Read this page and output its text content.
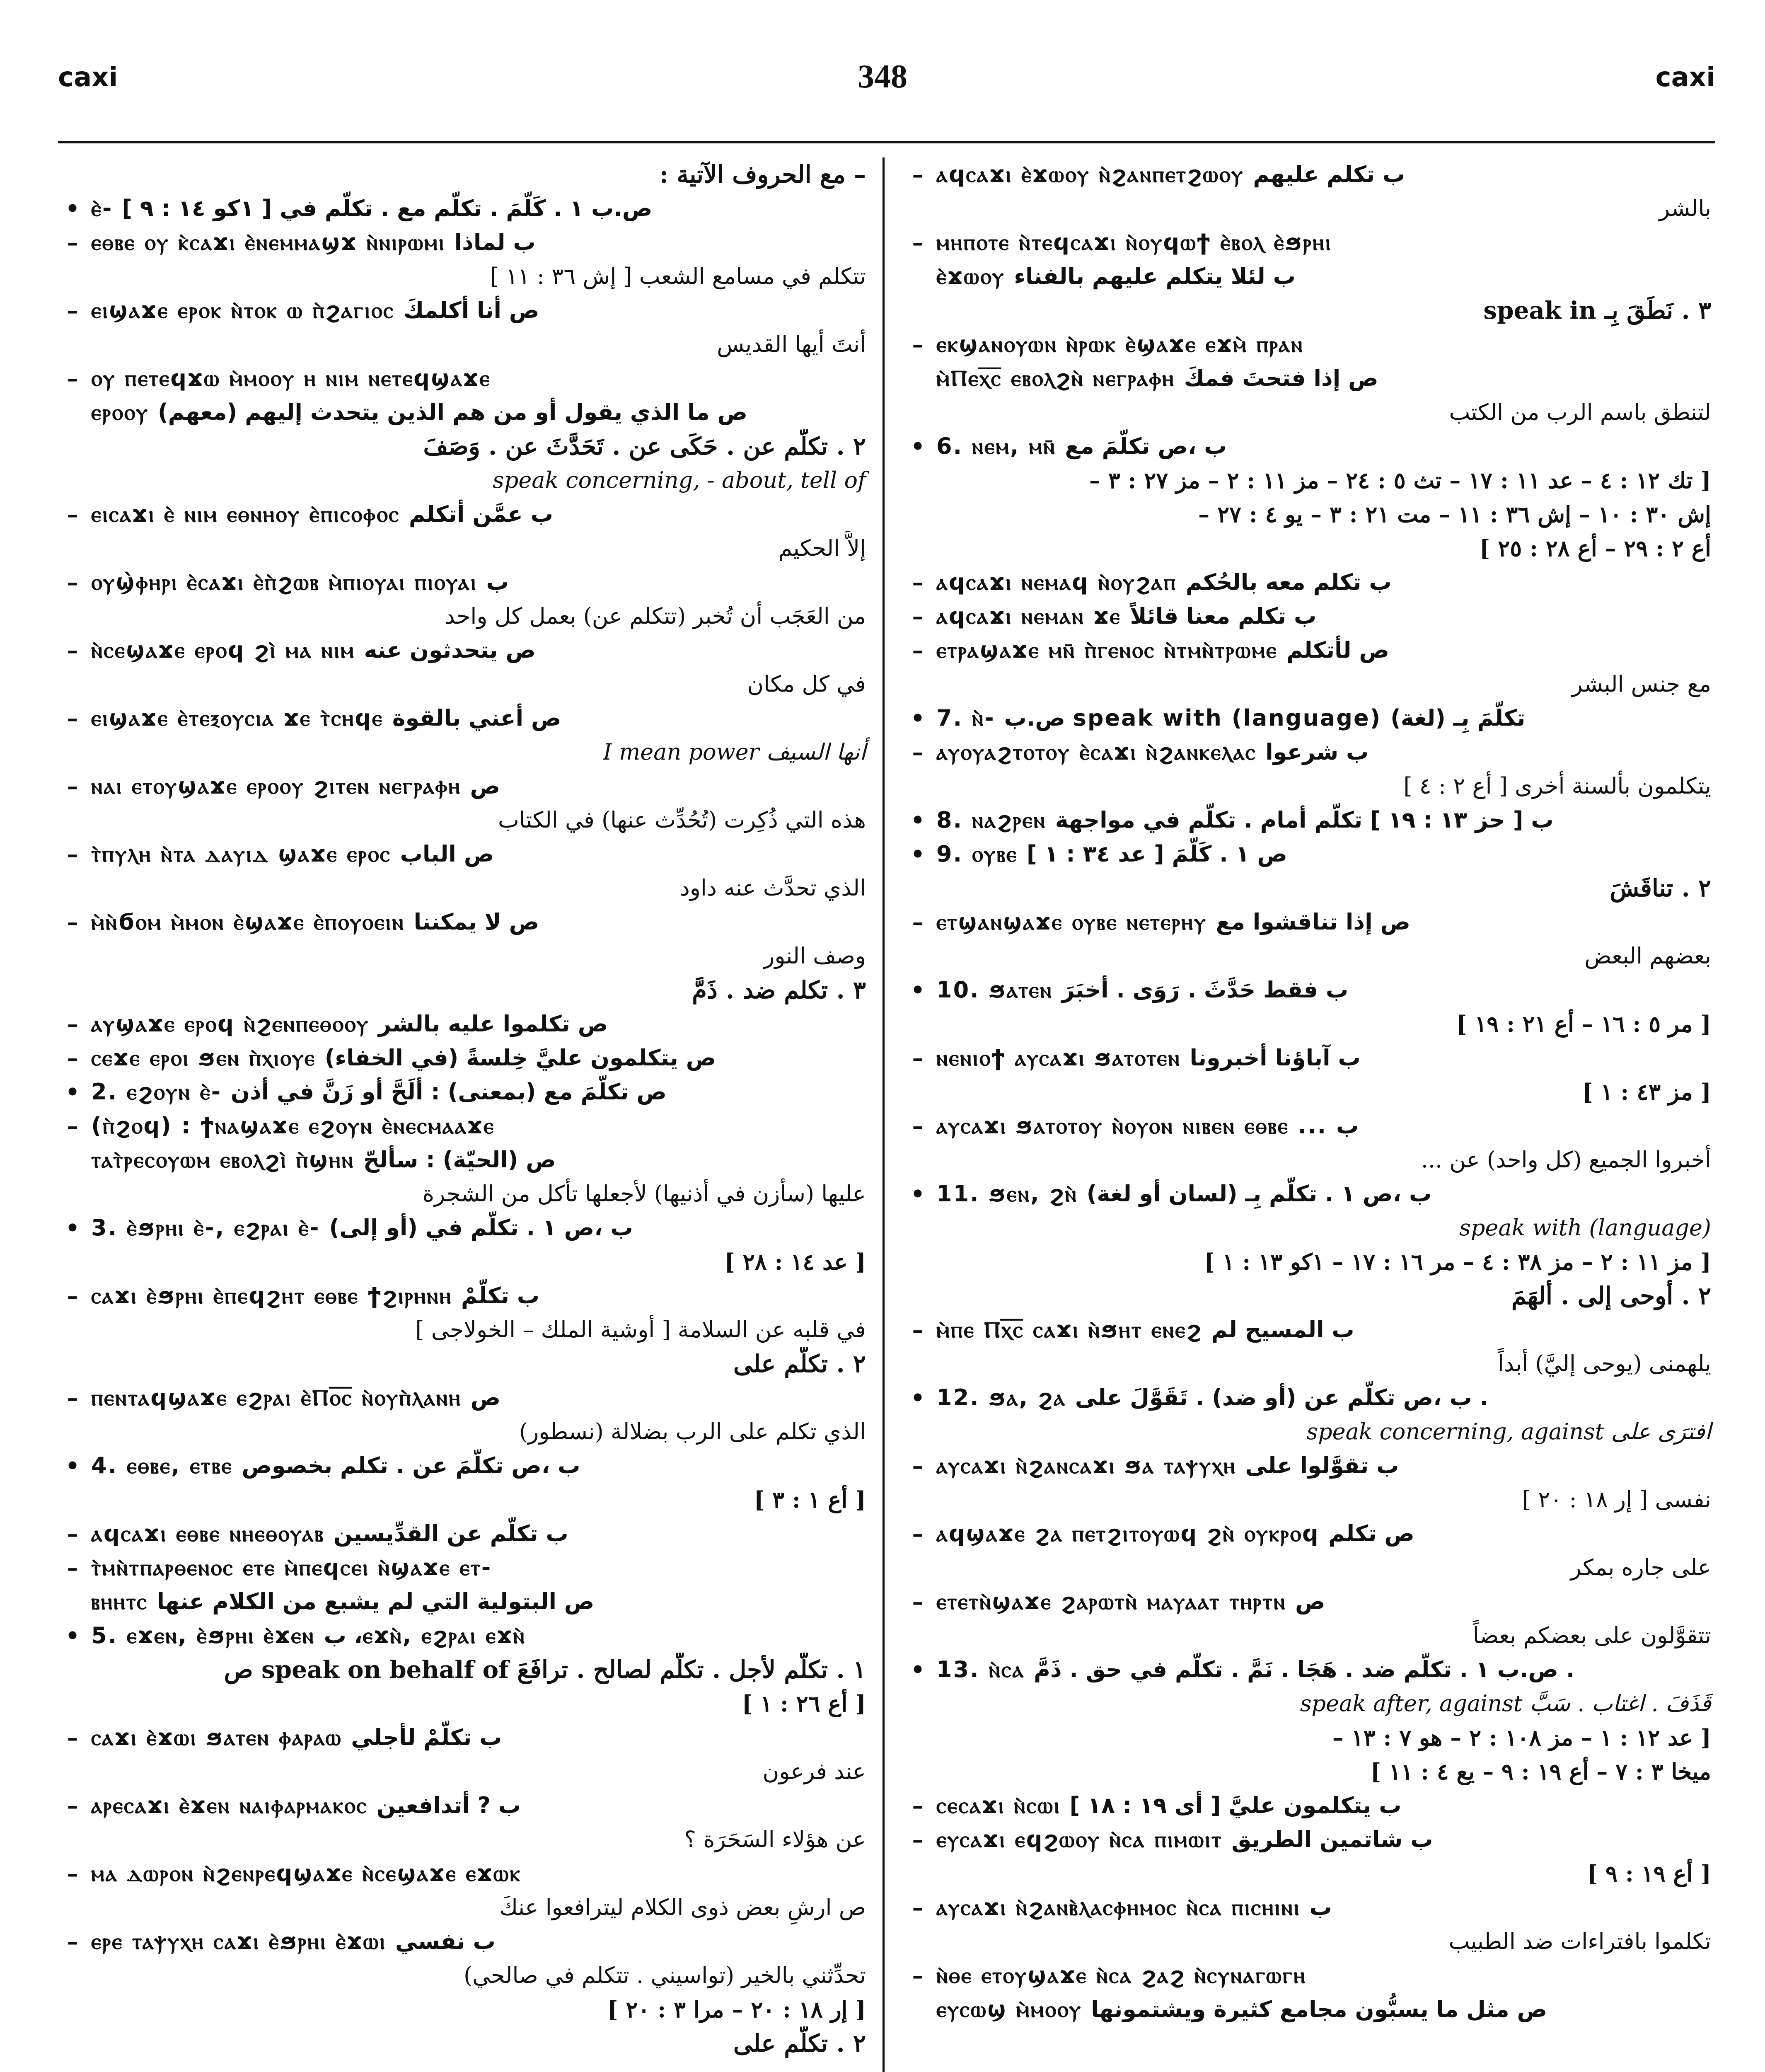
caxi	348	caxi
– مع الحروف الآتية :
• ⲉ̀- ص.ب ١ . كَلَّمَ . تكلَّم مع . تكلَّم في [ ١كو ١٤ : ٩ ]
– ⲉⲑⲃⲉ ⲟⲩ ⲕ̀ⲥⲁϫⲓ ⲉ̀ⲛⲉⲙⲙⲁϣϫ ⲛ̀ⲛⲓⲣⲱⲙⲓ ب لماذا
تتكلم في مسامع الشعب [ إش ٣٦ : ١١ ]
– ⲉⲓϣⲁϫⲉ ⲉⲣⲟⲕ ⲛ̀ⲧⲟⲕ ⲱ ⲡ̀ϩⲁⲅⲓⲟⲥ ص أنا أكلمكَ
أنتَ أيها القديس
– ⲟⲩ ⲡⲉⲧⲉϥϫⲱ ⲙ̀ⲙⲟⲟⲩ ⲏ ⲛⲓⲙ ⲛⲉⲧⲉϥϣⲁϫⲉ
ⲉⲣⲟⲟⲩ ص ما الذي يقول أو من هم الذين يتحدث إليهم (معهم)
٢ . تكلَّم عن . حَكَى عن . تَحَدَّثَ عن . وَصَفَ
speak concerning, - about, tell of
– ⲉⲓⲥⲁϫⲓ ⲉ̀ ⲛⲓⲙ ⲉⲑⲛⲏⲟⲩ ⲉ̀ⲡⲓⲥⲟⲫⲟⲥ ب عمَّن أتكلم
إلاَّ الحكيم
– ⲟⲩϣ̀ⲫⲏⲣⲓ ⲉ̀ⲥⲁϫⲓ ⲉ̀ⲡ̀ϩⲱⲃ ⲙ̀ⲡⲓⲟⲩⲁⲓ ⲡⲓⲟⲩⲁⲓ ب
من العَجَب أن تُخبر (تتكلم عن) بعمل كل واحد
– ⲛ̀ⲥⲉϣⲁϫⲉ ⲉⲣⲟϥ ϩⲓ̀ ⲙⲁ ⲛⲓⲙ ص يتحدثون عنه
في كل مكان
– ⲉⲓϣⲁϫⲉ ⲉ̀ⲧⲉⲝⲟⲩⲥⲓⲁ ϫⲉ ⲧ̀ⲥⲏϥⲉ ص أعني بالقوة
I mean power أنها السيف
– ⲛⲁⲓ ⲉⲧⲟⲩϣⲁϫⲉ ⲉⲣⲟⲟⲩ ϩⲓⲧⲉⲛ ⲛⲉⲅⲣⲁⲫⲏ ص
هذه التي ذُكِرت (تُحُدِّث عنها) في الكتاب
– ⲧ̀ⲡⲩⲗⲏ ⲛ̀ⲧⲁ ⲇⲁⲩⲓⲇ ϣⲁϫⲉ ⲉⲣⲟⲥ ص الباب
الذي تحدَّث عنه داود
– ⲙ̀ⲛ̀ϭⲟⲙ ⲙ̀ⲙⲟⲛ ⲉ̀ϣⲁϫⲉ ⲉ̀ⲡⲟⲩⲟⲉⲓⲛ ص لا يمكننا
وصف النور
٣ . تكلم ضد . ذَمَّ
– ⲁⲩϣⲁϫⲉ ⲉⲣⲟϥ ⲛ̀ϩⲉⲛⲡⲉⲑⲟⲟⲩ ص تكلموا عليه بالشر
– ⲥⲉϫⲉ ⲉⲣⲟⲓ ϧⲉⲛ ⲡ̀ⲭⲓⲟⲩⲉ ص يتكلمون عليَّ خِلسةً (في الخفاء)
• 2. ⲉϩⲟⲩⲛ ⲉ̀- ص تكلَّمَ مع (بمعنى) : ألَحَّ أو زَنَّ في أذن
– (ⲡ̀ϩⲟϥ) : ϯⲛⲁϣⲁϫⲉ ⲉϩⲟⲩⲛ ⲉ̀ⲛⲉⲥⲙⲁⲁϫⲉ
ⲧⲁⲧ̀ⲣⲉⲥⲟⲩⲱⲙ ⲉⲃⲟⲗϩⲓ̀ ⲡ̀ϣⲏⲛ ص (الحيّة) : سألحّ
عليها (سأزن في أذنيها) لأجعلها تأكل من الشجرة
• 3. ⲉ̀ϧⲣⲏⲓ ⲉ̀-, ⲉϩⲣⲁⲓ ⲉ̀- ب ،ص ١ . تكلَّم في (أو إلى)
[ عد ١٤ : ٢٨ ]
– ⲥⲁϫⲓ ⲉ̀ϧⲣⲏⲓ ⲉ̀ⲡⲉϥϩⲏⲧ ⲉⲑⲃⲉ ϯϩⲓⲣⲏⲛⲏ ب تكلَّمْ
في قلبه عن السلامة [ أوشية الملك – الخولاجى ]
٢ . تكلَّم على
– ⲡⲉⲛⲧⲁϥϣⲁϫⲉ ⲉϩⲣⲁⲓ ⲉ̀Ⲡⲟ̅ⲥ̅ ⲛ̀ⲟⲩⲡ̀ⲗⲁⲛⲏ ص
الذي تكلم على الرب بضلالة (نسطور)
• 4. ⲉⲑⲃⲉ, ⲉⲧⲃⲉ ب ،ص تكلَّمَ عن . تكلم بخصوص
[ أع ١ : ٣ ]
– ⲁϥⲥⲁϫⲓ ⲉⲑⲃⲉ ⲛⲏⲉⲑⲟⲩⲁⲃ ب تكلَّم عن القدِّيسين
– ⲧ̀ⲙⲛ̀ⲧⲡⲁⲣⲑⲉⲛⲟⲥ ⲉⲧⲉ ⲙ̀ⲡⲉϥⲥⲉⲓ ⲛ̀ϣⲁϫⲉ ⲉⲧ-
ⲃⲏⲏⲧⲥ ص البتولية التي لم يشبع من الكلام عنها
• 5. ⲉϫⲉⲛ, ⲉ̀ϧⲣⲏⲓ ⲉ̀ϫⲉⲛ ب ،ⲉϫⲛ̀, ⲉϩⲣⲁⲓ ⲉϫⲛ̀
١ . تكلَّم لأجل . تكلَّم لصالح . ترافَعَ speak on behalf of ص
[ أع ٢٦ : ١ ]
– ⲥⲁϫⲓ ⲉ̀ϫⲱⲓ ϧⲁⲧⲉⲛ ⲫⲁⲣⲁⲱ ب تكلَّمْ لأجلي
عند فرعون
– ⲁⲣⲉⲥⲁϫⲓ ⲉ̀ϫⲉⲛ ⲛⲁⲓⲫⲁⲣⲙⲁⲕⲟⲥ ب ? أتدافعين
عن هؤلاء السَحَرَة ؟
– ⲙⲁ ⲇⲱⲣⲟⲛ ⲛ̀ϩⲉⲛⲣⲉϥϣⲁϫⲉ ⲛ̀ⲥⲉϣⲁϫⲉ ⲉϫⲱⲕ
ص ارشِ بعض ذوى الكلام ليترافعوا عنكَ
– ⲉⲣⲉ ⲧⲁⲯⲩⲭⲏ ⲥⲁϫⲓ ⲉ̀ϧⲣⲏⲓ ⲉ̀ϫⲱⲓ ب نفسي
تحدِّثني بالخير (تواسيني . تتكلم في صالحي)
[ إر ١٨ : ٢٠ – مرا ٣ : ٢٠ ]
٢ . تكلَّم على
– ⲁϥⲥⲁϫⲓ ⲉ̀ϫⲱⲟⲩ ⲛ̀ϩⲁⲛⲡⲉⲧϩⲱⲟⲩ ب تكلم عليهم
بالشر
– ⲙⲏⲡⲟⲧⲉ ⲛ̀ⲧⲉϥⲥⲁϫⲓ ⲛ̀ⲟⲩϥⲱϯ ⲉ̀ⲃⲟⲗ ⲉ̀ϧⲣⲏⲓ
ⲉ̀ϫⲱⲟⲩ ب لئلا يتكلم عليهم بالفناء
٣ . نَطَقَ بِـ speak in
– ⲉⲕϣⲁⲛⲟⲩⲱⲛ ⲛ̀ⲣⲱⲕ ⲉ̀ϣⲁϫⲉ ⲉϫⲙ̀ ⲡⲣⲁⲛ
ⲙ̀Ⲡⲉⲭ̅ⲥ̅ ⲉⲃⲟⲗϩⲛ̀ ⲛⲉⲅⲣⲁⲫⲏ ص إذا فتحتَ فمكَ
لتنطق باسم الرب من الكتب
• 6. ⲛⲉⲙ, ⲙⲛ̄ ب ،ص تكلَّمَ مع
[ تك ١٢ : ٤ – عد ١١ : ١٧ – تث ٥ : ٢٤ – مز ١١ : ٢ – مز ٢٧ : ٣ –
إش ٣٠ : ١٠ – إش ٣٦ : ١١ – مت ٢١ : ٣ – يو ٤ : ٢٧ –
أع ٢ : ٢٩ – أع ٢٨ : ٢٥ ]
– ⲁϥⲥⲁϫⲓ ⲛⲉⲙⲁϥ ⲛ̀ⲟⲩϩⲁⲡ ب تكلم معه بالحُكم
– ⲁϥⲥⲁϫⲓ ⲛⲉⲙⲁⲛ ϫⲉ ب تكلم معنا قائلاً
– ⲉⲧⲣⲁϣⲁϫⲉ ⲙⲛ̄ ⲡ̀ⲅⲉⲛⲟⲥ ⲛ̀ⲧⲙⲛ̀ⲧⲣⲱⲙⲉ ص لأتكلم
مع جنس البشر
• 7. ⲛ̀- ص.ب speak with (language) تكلَّمَ بِـ (لغة)
– ⲁⲩⲟⲩⲁϩⲧⲟⲧⲟⲩ ⲉ̀ⲥⲁϫⲓ ⲛ̀ϩⲁⲛⲕⲉⲗⲁⲥ ب شرعوا
يتكلمون بألسنة أخرى [ أع ٢ : ٤ ]
• 8. ⲛⲁϩⲣⲉⲛ ب [ حز ١٣ : ١٩ ] تكلَّم أمام . تكلَّم في مواجهة
• 9. ⲟⲩⲃⲉ ص ١ . كَلَّمَ [ عد ٣٤ : ١ ]
٢ . تناقَشَ
– ⲉⲧϣⲁⲛϣⲁϫⲉ ⲟⲩⲃⲉ ⲛⲉⲧⲉⲣⲏⲩ ص إذا تناقشوا مع
بعضهم البعض
• 10. ϧⲁⲧⲉⲛ ب فقط حَدَّثَ . رَوَى . أخبَرَ
[ مر ٥ : ١٦ – أع ٢١ : ١٩ ]
– ⲛⲉⲛⲓⲟϯ ⲁⲩⲥⲁϫⲓ ϧⲁⲧⲟⲧⲉⲛ ب آباؤنا أخبرونا
[ مز ٤٣ : ١ ]
– ⲁⲩⲥⲁϫⲓ ϧⲁⲧⲟⲧⲟⲩ ⲛ̀ⲟⲩⲟⲛ ⲛⲓⲃⲉⲛ ⲉⲑⲃⲉ ... ب
أخبروا الجميع (كل واحد) عن ...
• 11. ϧⲉⲛ, ϩⲛ̀ ب ،ص ١ . تكلَّم بِـ (لسان أو لغة)
speak with (language)
[ مز ١١ : ٢ – مز ٣٨ : ٤ – مر ١٦ : ١٧ – ١كو ١٣ : ١ ]
٢ . أوحى إلى . ألهَمَ
– ⲙ̀ⲡⲉ Ⲡⲭ̅ⲥ̅ ⲥⲁϫⲓ ⲛ̀ϧⲏⲧ ⲉⲛⲉϩ ب المسيح لم
يلهمنى (يوحى إليَّ) أبداً
• 12. ϧⲁ, ϩⲁ ب ،ص تكلَّم عن (أو ضد) . تَقَوَّلَ على .
speak concerning, against افترَى على
– ⲁⲩⲥⲁϫⲓ ⲛ̀ϩⲁⲛⲥⲁϫⲓ ϧⲁ ⲧⲁⲯⲩⲭⲏ ب تقوَّلوا على
نفسى [ إر ١٨ : ٢٠ ]
– ⲁϥϣⲁϫⲉ ϩⲁ ⲡⲉⲧϩⲓⲧⲟⲩⲱϥ ϩⲛ̀ ⲟⲩⲕⲣⲟϥ ص تكلم
على جاره بمكر
– ⲉⲧⲉⲧⲛ̀ϣⲁϫⲉ ϩⲁⲣⲱⲧⲛ̀ ⲙⲁⲩⲁⲁⲧ ⲧⲏⲣⲧⲛ ص
تتقوَّلون على بعضكم بعضاً
• 13. ⲛ̀ⲥⲁ ص.ب ١ . تكلَّم ضد . هَجَا . نَمَّ . تكلَّم في حق . ذَمَّ .
speak after, against قَذَفَ . اغتاب . سَبَّ
[ عد ١٢ : ١ – مز ١٠٨ : ٢ – هو ٧ : ١٣ –
ميخا ٣ : ٧ – أع ١٩ : ٩ – يع ٤ : ١١ ]
– ⲥⲉⲥⲁϫⲓ ⲛ̀ⲥⲱⲓ ب يتكلمون عليَّ [ أى ١٩ : ١٨ ]
– ⲉⲩⲥⲁϫⲓ ⲉϥϩⲱⲟⲩ ⲛ̀ⲥⲁ ⲡⲓⲙⲱⲓⲧ ب شاتمين الطريق
[ أع ١٩ : ٩ ]
– ⲁⲩⲥⲁϫⲓ ⲛ̀ϩⲁⲛⲃ̀ⲗⲁⲥⲫⲏⲙⲟⲥ ⲛ̀ⲥⲁ ⲡⲓⲥⲏⲓⲛⲓ ب
تكلموا بافتراءات ضد الطبيب
– ⲛ̀ⲑⲉ ⲉⲧⲟⲩϣⲁϫⲉ ⲛ̀ⲥⲁ ϩⲁϩ ⲛ̀ⲥⲩⲛⲁⲅⲱⲅⲏ
ⲉⲩⲥⲱϣ ⲙ̀ⲙⲟⲟⲩ ص مثل ما يسبُّون مجامع كثيرة ويشتمونها
